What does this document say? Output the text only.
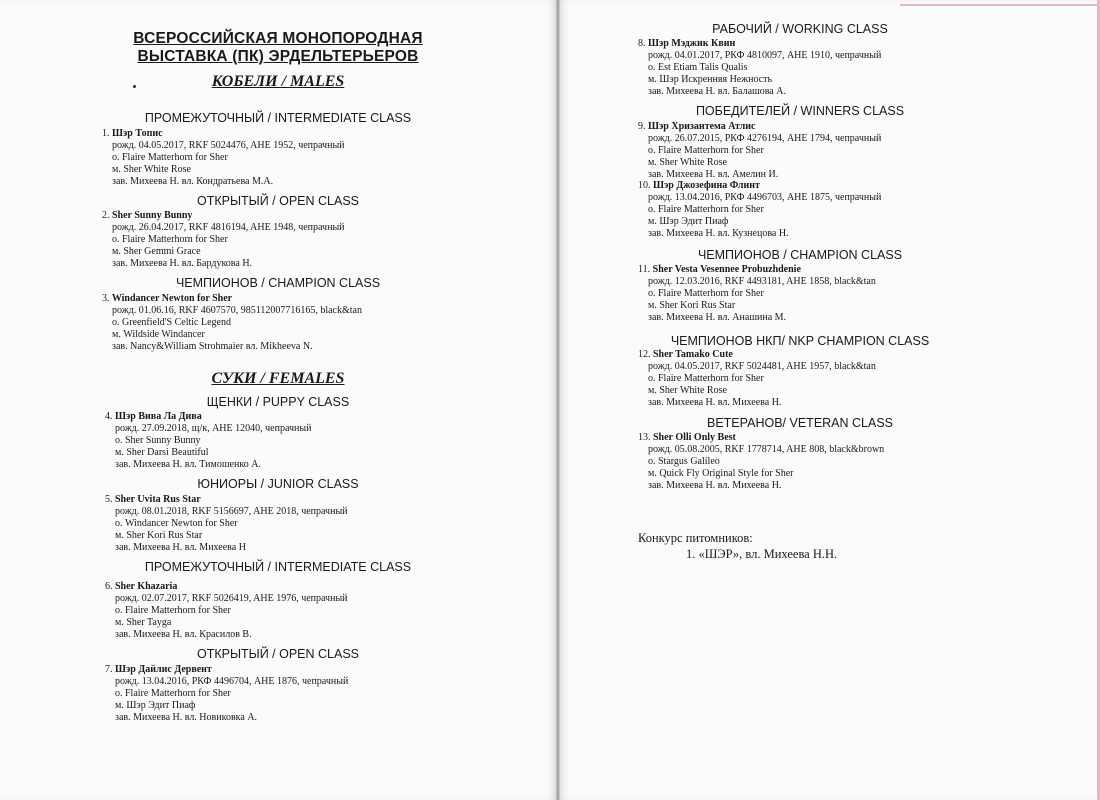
ВСЕРОССИЙСКАЯ МОНОПОРОДНАЯ
ВЫСТАВКА (ПК) ЭРДЕЛЬТЕРЬЕРОВ
КОБЕЛИ / MALES
ПРОМЕЖУТОЧНЫЙ / INTERMEDIATE CLASS
1. Шэр Топис
рожд. 04.05.2017, RKF 5024476, AHE 1952, чепрачный
о. Flaire Matterhorn for Sher
м. Sher White Rose
зав. Михеева Н. вл. Кондратьева М.А.
ОТКРЫТЫЙ / OPEN CLASS
2. Sher Sunny Bunny
рожд. 26.04.2017, RKF 4816194, AHE 1948, чепрачный
о. Flaire Matterhorn for Sher
м. Sher Gemmi Grace
зав. Михеева Н. вл. Бардукова Н.
ЧЕМПИОНОВ / CHAMPION CLASS
3. Windancer Newton for Sher
рожд. 01.06.16, RKF 4607570, 985112007716165, black&tan
о. Greenfield'S Celtic Legend
м. Wildside Windancer
зав. Nancy&William Strohmaier вл. Mikheeva N.
СУКИ / FEMALES
ЩЕНКИ / PUPPY CLASS
4. Шэр Вива Ла Дива
рожд. 27.09.2018, щ/к, AHE 12040, чепрачный
о. Sher Sunny Bunny
м. Sher Darsi Beautiful
зав. Михеева Н. вл. Тимошенко А.
ЮНИОРЫ / JUNIOR CLASS
5. Sher Uvita Rus Star
рожд. 08.01.2018, RKF 5156697, AHE 2018, чепрачный
о. Windancer Newton for Sher
м. Sher Kori Rus Star
зав. Михеева Н. вл. Михеева Н
ПРОМЕЖУТОЧНЫЙ / INTERMEDIATE CLASS
6. Sher Khazaria
рожд. 02.07.2017, RKF 5026419, AHE 1976, чепрачный
о. Flaire Matterhorn for Sher
м. Sher Tayga
зав. Михеева Н. вл. Красилов В.
ОТКРЫТЫЙ / OPEN CLASS
7. Шэр Дайлис Дервент
рожд. 13.04.2016, РКФ 4496704, AHE 1876, чепрачный
о. Flaire Matterhorn for Sher
м. Шэр Эдит Пиаф
зав. Михеева Н. вл. Новиковка А.
РАБОЧИЙ / WORKING CLASS
8. Шэр Мэджик Квин
рожд. 04.01.2017, РКФ 4810097, AHE 1910, чепрачный
о. Est Etiam Talis Qualis
м. Шэр Искренняя Нежность
зав. Михеева Н. вл. Балашова А.
ПОБЕДИТЕЛЕЙ / WINNERS CLASS
9. Шэр Хризантема Атлис
рожд. 26.07.2015, РКФ 4276194, AHE 1794, чепрачный
о. Flaire Matterhorn for Sher
м. Sher White Rose
зав. Михеева Н. вл. Амелин И.
10. Шэр Джозефина Флинт
рожд. 13.04.2016, РКФ 4496703, AHE 1875, чепрачный
о. Flaire Matterhorn for Sher
м. Шэр Эдит Пиаф
зав. Михеева Н. вл. Кузнецова Н.
ЧЕМПИОНОВ / CHAMPION CLASS
11. Sher Vesta Vesennee Probuzhdenie
рожд. 12.03.2016, RKF 4493181, AHE 1858, black&tan
о. Flaire Matterhorn for Sher
м. Sher Kori Rus Star
зав. Михеева Н. вл. Анашина М.
ЧЕМПИОНОВ НКП/ NKP CHAMPION CLASS
12. Sher Tamako Cute
рожд. 04.05.2017, RKF 5024481, AHE 1957, black&tan
о. Flaire Matterhorn for Sher
м. Sher White Rose
зав. Михеева Н. вл. Михеева Н.
ВЕТЕРАНОВ/ VETERAN CLASS
13. Sher Olli Only Best
рожд. 05.08.2005, RKF 1778714, AHE 808, black&brown
о. Stargus Galileo
м. Quick Fly Original Style for Sher
зав. Михеева Н. вл. Михеева Н.
Конкурс питомников:
1. «ШЭР», вл. Михеева Н.Н.
